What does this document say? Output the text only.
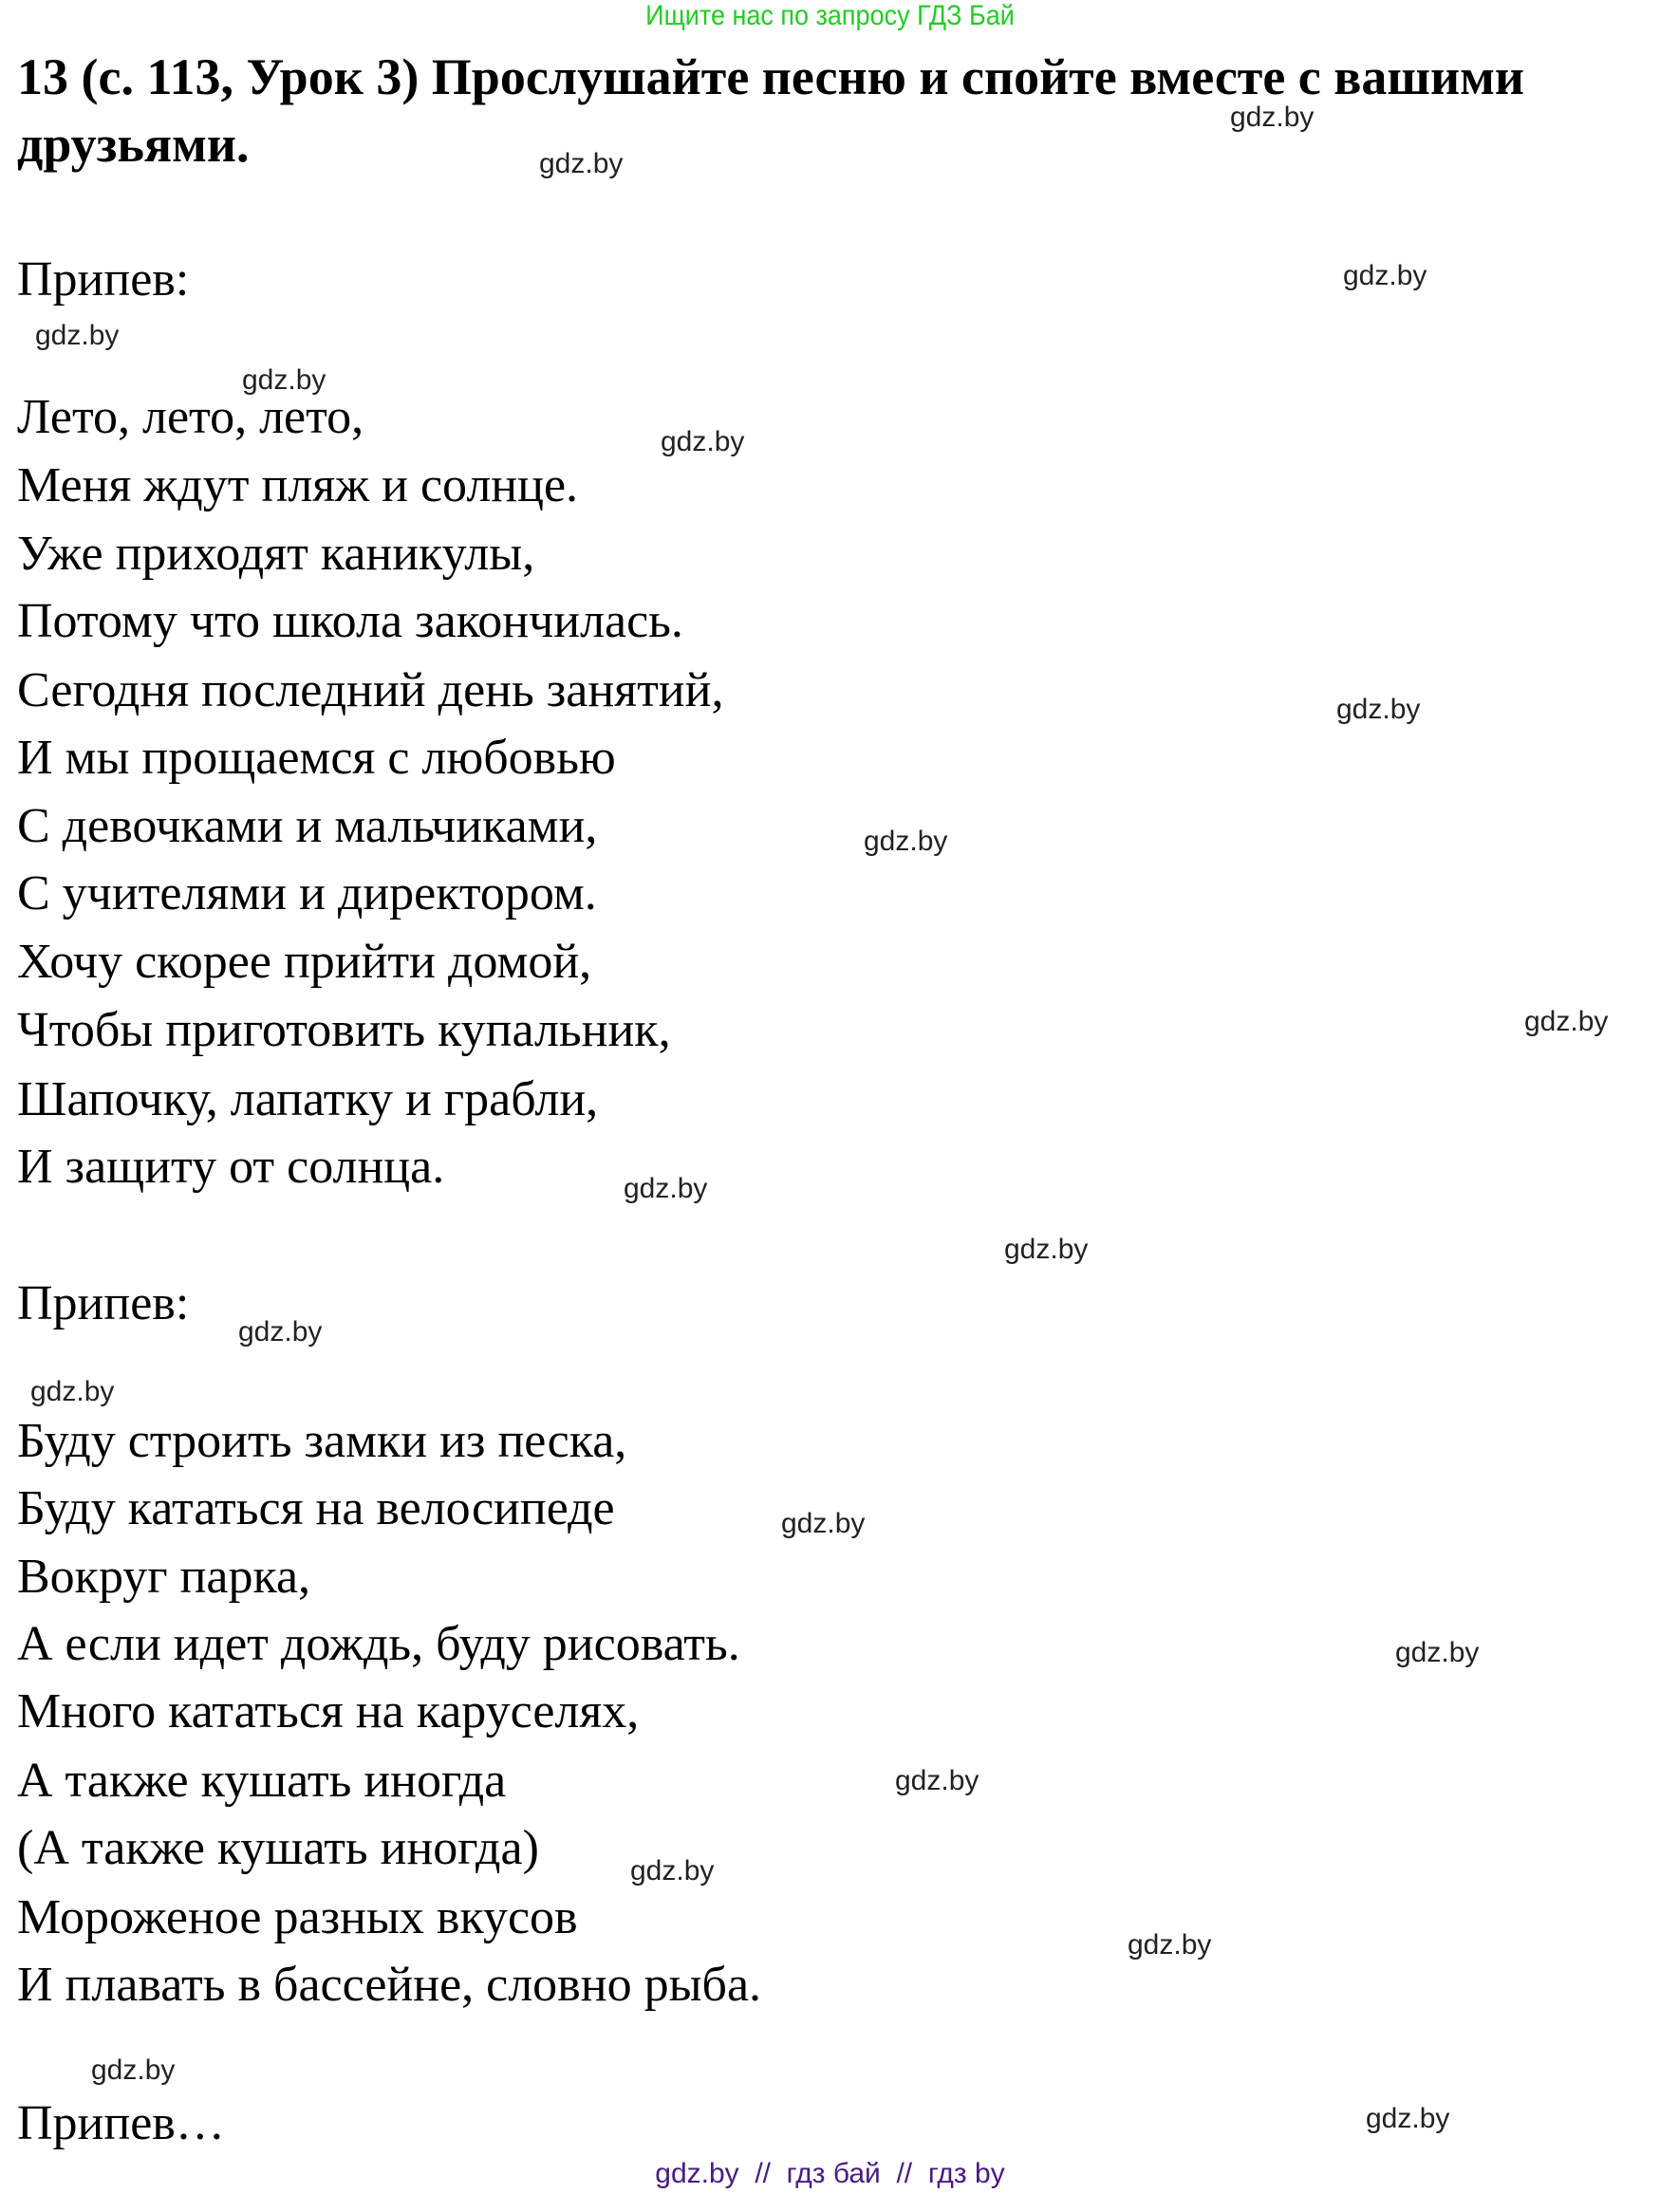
Ищите нас по запросу ГДЗ Бай
13 (с. 113, Урок 3) Прослушайте песню и спойте вместе с вашими
друзьями.
Припев:
Лето, лето, лето,
Меня ждут пляж и солнце.
Уже приходят каникулы,
Потому что школа закончилась.
Сегодня последний день занятий,
И мы прощаемся с любовью
С девочками и мальчиками,
С учителями и директором.
Хочу скорее прийти домой,
Чтобы приготовить купальник,
Шапочку, лапатку и грабли,
И защиту от солнца.
Припев:
Буду строить замки из песка,
Буду кататься на велосипеде
Вокруг парка,
А если идет дождь, буду рисовать.
Много кататься на каруселях,
А также кушать иногда
(А также кушать иногда)
Мороженое разных вкусов
И плавать в бассейне, словно рыба.
Припев…
gdz.by
gdz.by
gdz.by
gdz.by
gdz.by
gdz.by
gdz.by
gdz.by
gdz.by
gdz.by
gdz.by
gdz.by
gdz.by
gdz.by
gdz.by
gdz.by
gdz.by
gdz.by
gdz.by
gdz.by
gdz.by  //  гдз бай  //  гдз by
